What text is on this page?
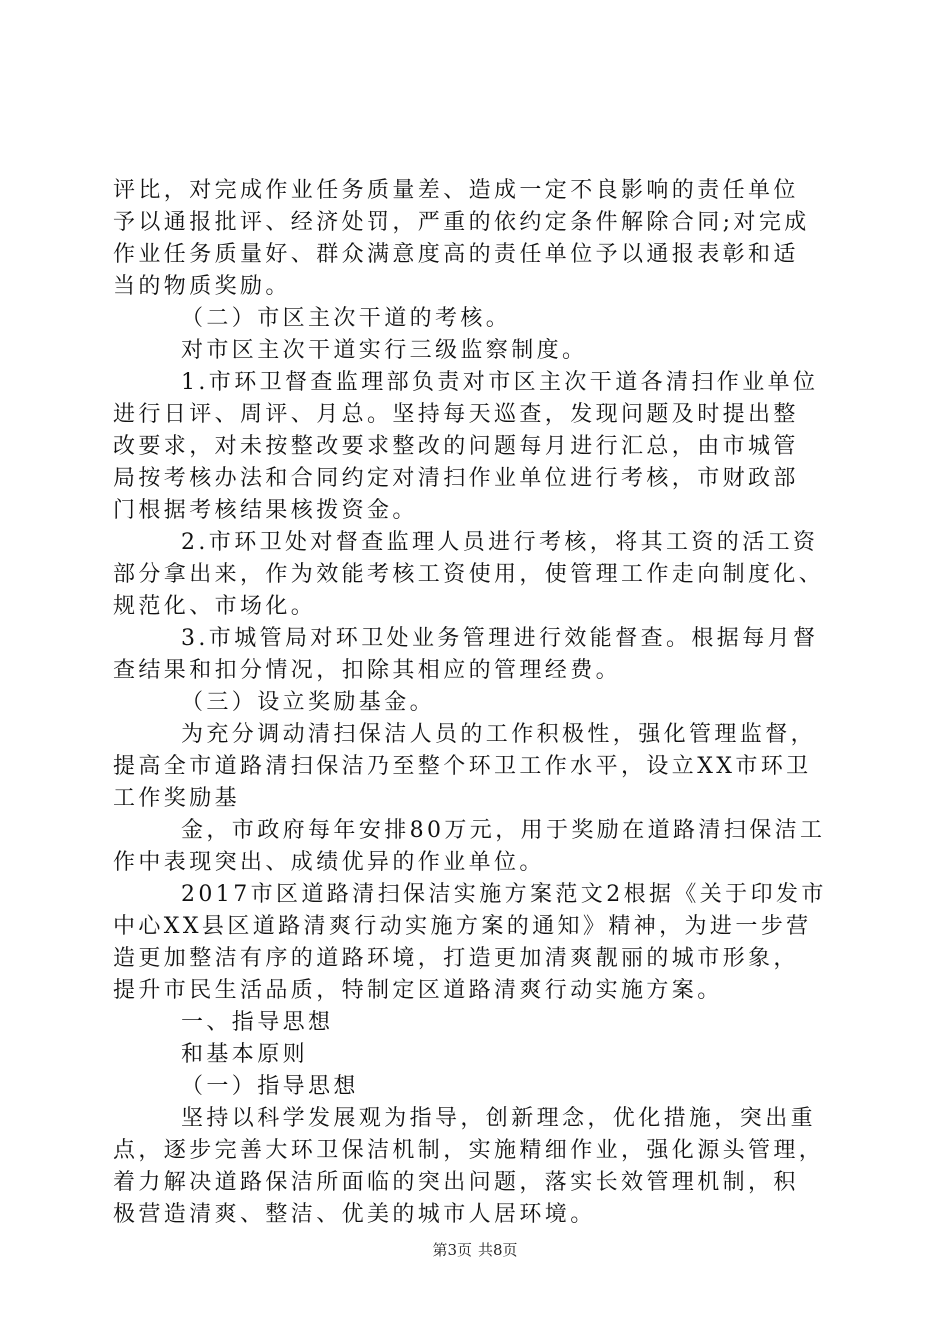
评比，对完成作业任务质量差、造成一定不良影响的责任单位
予以通报批评、经济处罚，严重的依约定条件解除合同;对完成
作业任务质量好、群众满意度高的责任单位予以通报表彰和适
当的物质奖励。
（二）市区主次干道的考核。
对市区主次干道实行三级监察制度。
1.市环卫督查监理部负责对市区主次干道各清扫作业单位
进行日评、周评、月总。坚持每天巡查，发现问题及时提出整
改要求，对未按整改要求整改的问题每月进行汇总，由市城管
局按考核办法和合同约定对清扫作业单位进行考核，市财政部
门根据考核结果核拨资金。
2.市环卫处对督查监理人员进行考核，将其工资的活工资
部分拿出来，作为效能考核工资使用，使管理工作走向制度化、
规范化、市场化。
3.市城管局对环卫处业务管理进行效能督查。根据每月督
查结果和扣分情况，扣除其相应的管理经费。
（三）设立奖励基金。
为充分调动清扫保洁人员的工作积极性，强化管理监督，
提高全市道路清扫保洁乃至整个环卫工作水平，设立XX市环卫
工作奖励基
金，市政府每年安排80万元，用于奖励在道路清扫保洁工
作中表现突出、成绩优异的作业单位。
2017市区道路清扫保洁实施方案范文2根据《关于印发市
中心XX县区道路清爽行动实施方案的通知》精神，为进一步营
造更加整洁有序的道路环境，打造更加清爽靓丽的城市形象，
提升市民生活品质，特制定区道路清爽行动实施方案。
一、指导思想
和基本原则
（一）指导思想
坚持以科学发展观为指导，创新理念，优化措施，突出重
点，逐步完善大环卫保洁机制，实施精细作业，强化源头管理，
着力解决道路保洁所面临的突出问题，落实长效管理机制，积
极营造清爽、整洁、优美的城市人居环境。
第3页 共8页
